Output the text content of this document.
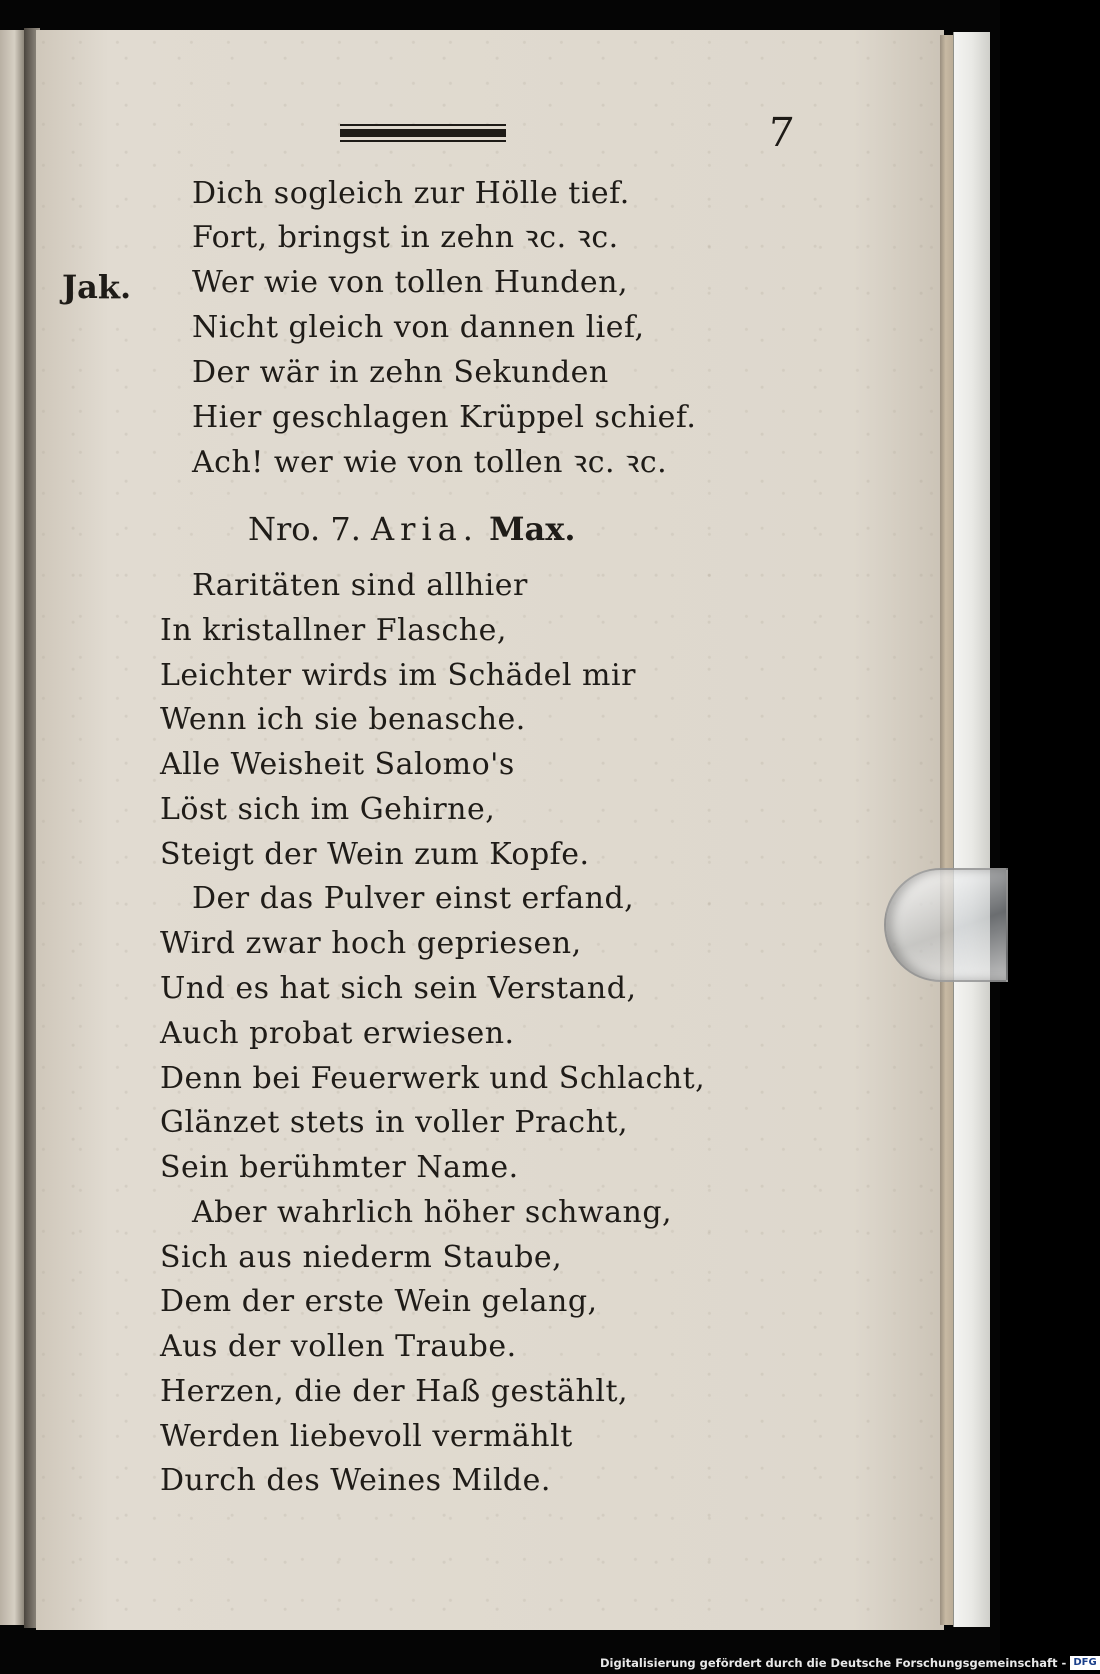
7
Jak.
Dich sogleich zur Hölle tief.
Fort, bringst in zehn ꝛc. ꝛc.
Wer wie von tollen Hunden,
Nicht gleich von dannen lief,
Der wär in zehn Sekunden
Hier geschlagen Krüppel schief.
Ach! wer wie von tollen ꝛc. ꝛc.
Nro. 7. Aria. Max.
Raritäten sind allhier
In kristallner Flasche,
Leichter wirds im Schädel mir
Wenn ich sie benasche.
Alle Weisheit Salomo's
Löst sich im Gehirne,
Steigt der Wein zum Kopfe.
Der das Pulver einst erfand,
Wird zwar hoch gepriesen,
Und es hat sich sein Verstand,
Auch probat erwiesen.
Denn bei Feuerwerk und Schlacht,
Glänzet stets in voller Pracht,
Sein berühmter Name.
Aber wahrlich höher schwang,
Sich aus niederm Staube,
Dem der erste Wein gelang,
Aus der vollen Traube.
Herzen, die der Haß gestählt,
Werden liebevoll vermählt
Durch des Weines Milde.
Digitalisierung gefördert durch die Deutsche Forschungsgemeinschaft - DFG
